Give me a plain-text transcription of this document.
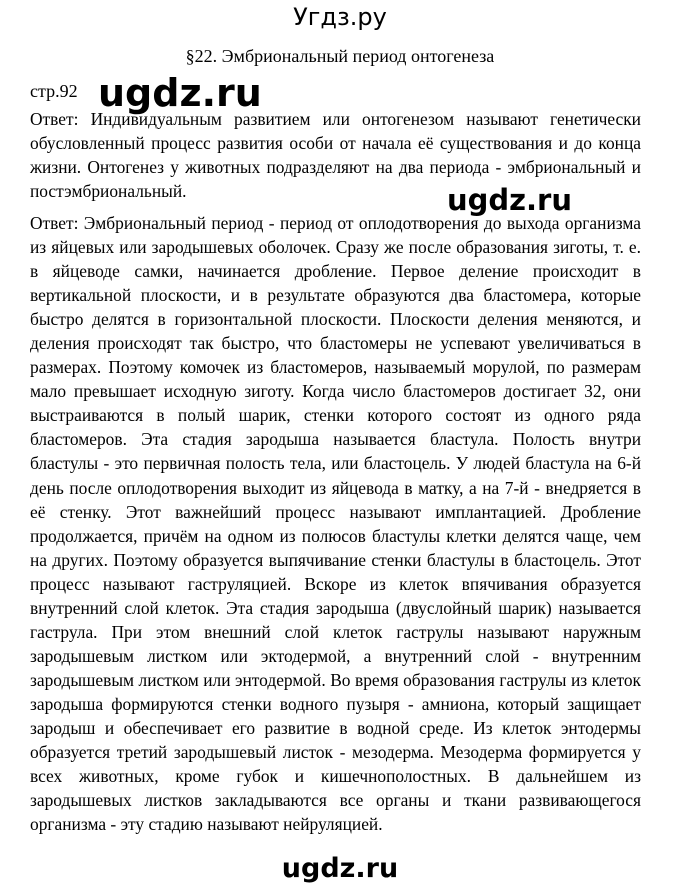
Угдз.ру
§22. Эмбриональный период онтогенеза
стр.92 ugdz.ru

Ответ: Индивидуальным развитием или онтогенезом называют генетически обусловленный процесс развития особи от начала её существования и до конца жизни. Онтогенез у животных подразделяют на два периода - эмбриональный и постэмбриональный.	ugdz.ru

Ответ: Эмбриональный период - период от оплодотворения до выхода организма из яйцевых или зародышевых оболочек. Сразу же после образования зиготы, т. е. в яйцеводе самки, начинается дробление. Первое деление происходит в вертикальной плоскости, и в результате образуются два бластомера, которые быстро делятся в горизонтальной плоскости. Плоскости деления меняются, и деления происходят так быстро, что бластомеры не успевают увеличиваться в размерах. Поэтому комочек из бластомеров, называемый морулой, по размерам мало превышает исходную зиготу. Когда число бластомеров достигает 32, они выстраиваются в полый шарик, стенки которого состоят из одного ряда бластомеров. Эта стадия зародыша называется бластула. Полость внутри бластулы - это первичная полость тела, или бластоцель. У людей бластула на 6-й день после оплодотворения выходит из яйцевода в матку, а на 7-й - внедряется в её стенку. Этот важнейший процесс называют имплантацией. Дробление продолжается, причём на одном из полюсов бластулы клетки делятся чаще, чем на других. Поэтому образуется выпячивание стенки бластулы в бластоцель. Этот процесс называют гаструляцией. Вскоре из клеток впячивания образуется внутренний слой клеток. Эта стадия зародыша (двуслойный шарик) называется гаструла. При этом внешний слой клеток гаструлы называют наружным зародышевым листком или эктодермой, а внутренний слой - внутренним зародышевым листком или энтодермой. Во время образования гаструлы из клеток зародыша формируются стенки водного пузыря - амниона, который защищает зародыш и обеспечивает его развитие в водной среде. Из клеток энтодермы образуется третий зародышевый листок - мезодерма. Мезодерма формируется у всех животных, кроме губок и кишечнополостных. В дальнейшем из зародышевых листков закладываются все органы и ткани развивающегося организма - эту стадию называют нейруляцией.

ugdz.ru
